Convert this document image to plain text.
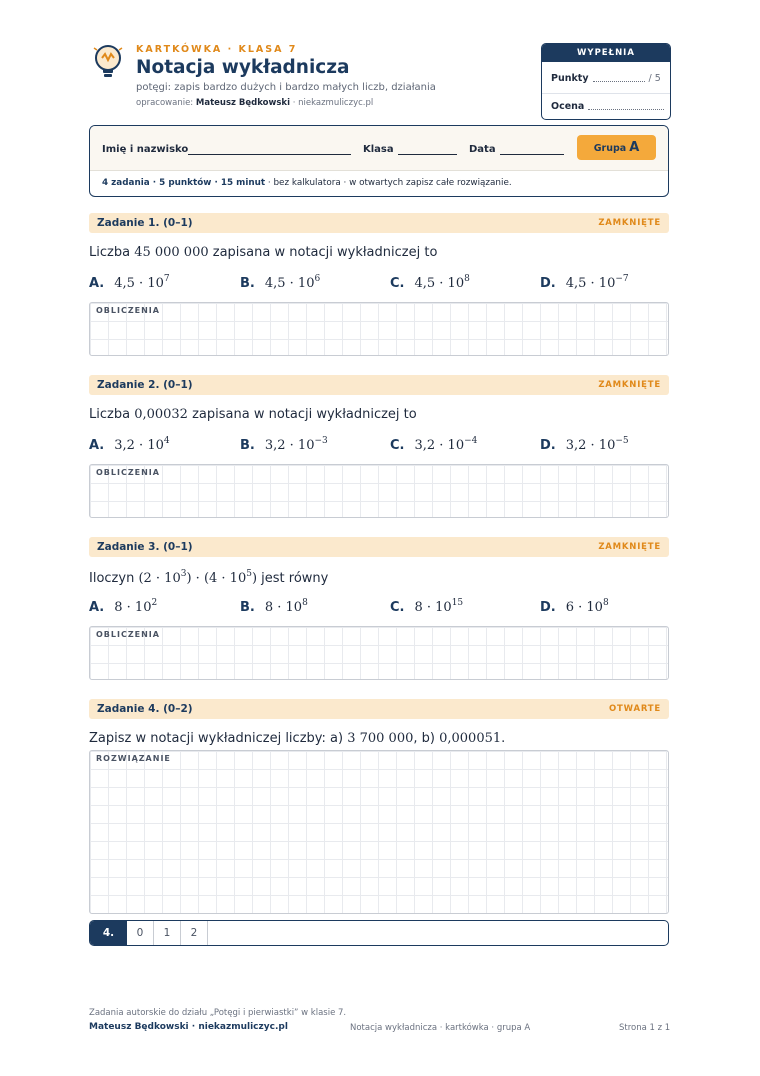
KARTKÓWKA · KLASA 7
Notacja wykładnicza
potęgi: zapis bardzo dużych i bardzo małych liczb, działania
opracowanie: Mateusz Będkowski · niekazmuliczyc.pl
WYPEŁNIA NAUCZYCIEL
Punkty	/ 5
Ocena
Imię i nazwisko	Klasa	Data	Grupa A
4 zadania · 5 punktów · 15 minut · bez kalkulatora · w otwartych zapisz całe rozwiązanie.
Zadanie 1. (0–1)	ZAMKNIĘTE
Liczba 45 000 000 zapisana w notacji wykładniczej to
A. $4,5 \cdot 10^7$	B. $4,5 \cdot 10^6$	C. $4,5 \cdot 10^8$	D. $4,5 \cdot 10^{-7}$
OBLICZENIA
Zadanie 2. (0–1)	ZAMKNIĘTE
Liczba 0,00032 zapisana w notacji wykładniczej to
A. $3,2 \cdot 10^4$	B. $3,2 \cdot 10^{-3}$	C. $3,2 \cdot 10^{-4}$	D. $3,2 \cdot 10^{-5}$
OBLICZENIA
Zadanie 3. (0–1)	ZAMKNIĘTE
Iloczyn $(2 \cdot 10^3) \cdot (4 \cdot 10^5)$ jest równy
A. $8 \cdot 10^2$	B. $8 \cdot 10^8$	C. $8 \cdot 10^{15}$	D. $6 \cdot 10^8$
OBLICZENIA
Zadanie 4. (0–2)	OTWARTE
Zapisz w notacji wykładniczej liczby: a) 3 700 000, b) 0,000051.
ROZWIĄZANIE
4.	0	1	2
Zadania autorskie do działu „Potęgi i pierwiastki” w klasie 7.
Mateusz Będkowski · niekazmuliczyc.pl	Notacja wykładnicza · kartkówka · grupa A	Strona 1 z 1
